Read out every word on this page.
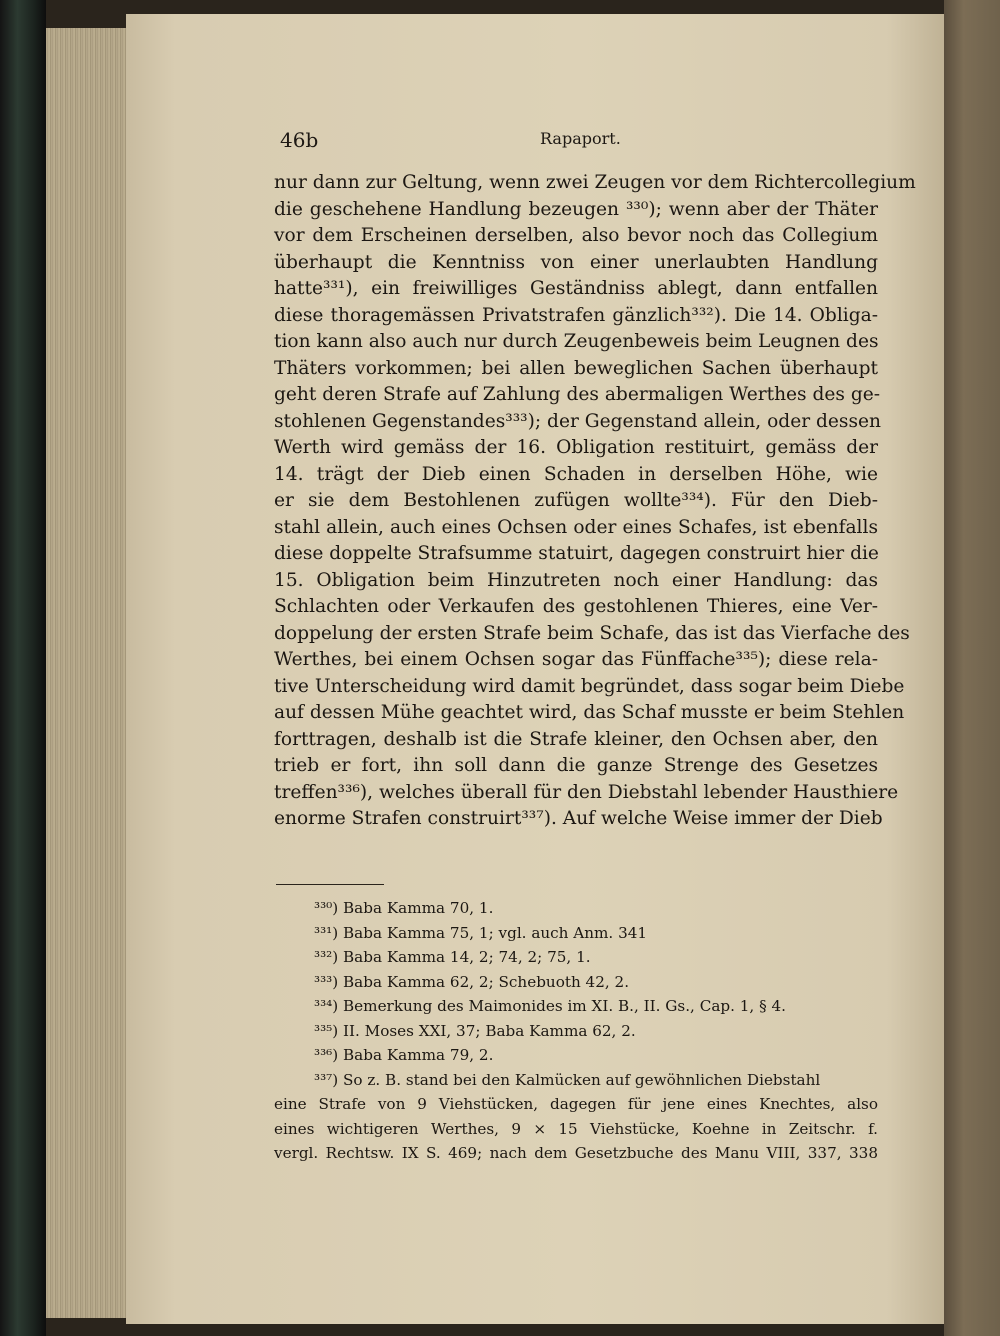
46b	Rapaport.
nur dann zur Geltung, wenn zwei Zeugen vor dem Richtercollegium
die geschehene Handlung bezeugen ³³⁰); wenn aber der Thäter
vor dem Erscheinen derselben, also bevor noch das Collegium
überhaupt die Kenntniss von einer unerlaubten Handlung
hatte³³¹), ein freiwilliges Geständniss ablegt, dann entfallen
diese thoragemässen Privatstrafen gänzlich³³²). Die 14. Obliga-
tion kann also auch nur durch Zeugenbeweis beim Leugnen des
Thäters vorkommen; bei allen beweglichen Sachen überhaupt
geht deren Strafe auf Zahlung des abermaligen Werthes des ge-
stohlenen Gegenstandes³³³); der Gegenstand allein, oder dessen
Werth wird gemäss der 16. Obligation restituirt, gemäss der
14. trägt der Dieb einen Schaden in derselben Höhe, wie
er sie dem Bestohlenen zufügen wollte³³⁴). Für den Dieb-
stahl allein, auch eines Ochsen oder eines Schafes, ist ebenfalls
diese doppelte Strafsumme statuirt, dagegen construirt hier die
15. Obligation beim Hinzutreten noch einer Handlung: das
Schlachten oder Verkaufen des gestohlenen Thieres, eine Ver-
doppelung der ersten Strafe beim Schafe, das ist das Vierfache des
Werthes, bei einem Ochsen sogar das Fünffache³³⁵); diese rela-
tive Unterscheidung wird damit begründet, dass sogar beim Diebe
auf dessen Mühe geachtet wird, das Schaf musste er beim Stehlen
forttragen, deshalb ist die Strafe kleiner, den Ochsen aber, den
trieb er fort, ihn soll dann die ganze Strenge des Gesetzes
treffen³³⁶), welches überall für den Diebstahl lebender Hausthiere
enorme Strafen construirt³³⁷). Auf welche Weise immer der Dieb
³³⁰) Baba Kamma 70, 1.
³³¹) Baba Kamma 75, 1; vgl. auch Anm. 341
³³²) Baba Kamma 14, 2; 74, 2; 75, 1.
³³³) Baba Kamma 62, 2; Schebuoth 42, 2.
³³⁴) Bemerkung des Maimonides im XI. B., II. Gs., Cap. 1, § 4.
³³⁵) II. Moses XXI, 37; Baba Kamma 62, 2.
³³⁶) Baba Kamma 79, 2.
³³⁷) So z. B. stand bei den Kalmücken auf gewöhnlichen Diebstahl
eine Strafe von 9 Viehstücken, dagegen für jene eines Knechtes, also
eines wichtigeren Werthes, 9 × 15 Viehstücke, Koehne in Zeitschr. f.
vergl. Rechtsw. IX S. 469; nach dem Gesetzbuche des Manu VIII, 337, 338
